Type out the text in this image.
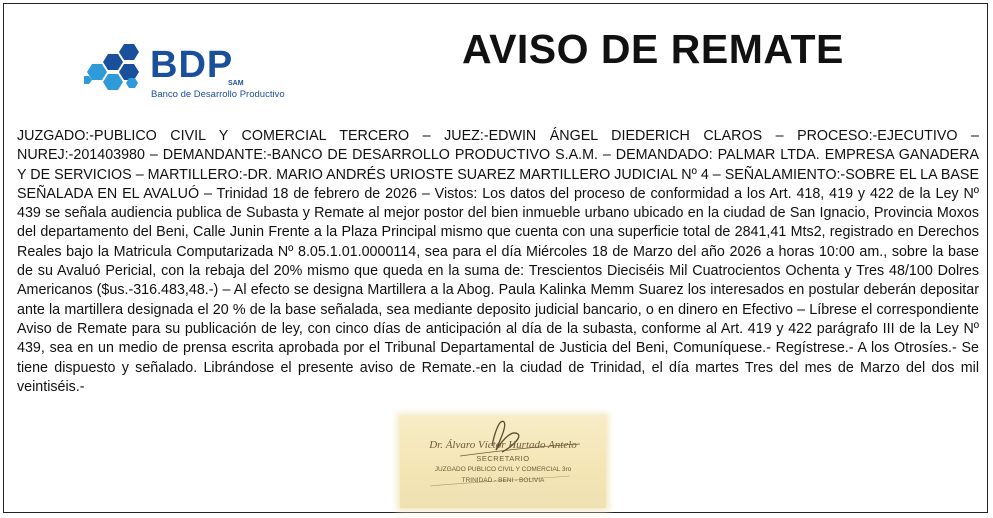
BDP
SAM
Banco de Desarrollo Productivo
AVISO DE REMATE
JUZGADO:-PUBLICO CIVIL Y COMERCIAL TERCERO – JUEZ:-EDWIN ÁNGEL DIEDERICH CLAROS – PROCESO:-EJECUTIVO – NUREJ:-201403980 – DEMANDANTE:-BANCO DE DESARROLLO PRODUCTIVO S.A.M. – DEMANDADO: PALMAR LTDA. EMPRESA GANADERA Y DE SERVICIOS – MARTILLERO:-DR. MARIO ANDRÉS URIOSTE SUAREZ MARTILLERO JUDICIAL Nº 4 – SEÑALAMIENTO:-SOBRE EL LA BASE SEÑALADA EN EL AVALUÓ – Trinidad 18 de febrero de 2026 – Vistos: Los datos del proceso de conformidad a los Art. 418, 419 y 422 de la Ley Nº 439 se señala audiencia publica de Subasta y Remate al mejor postor del bien inmueble urbano ubicado en la ciudad de San Ignacio, Provincia Moxos del departamento del Beni, Calle Junin Frente a la Plaza Principal mismo que cuenta con una superficie total de 2841,41 Mts2, registrado en Derechos Reales bajo la Matricula Computarizada Nº 8.05.1.01.0000114, sea para el día Miércoles 18 de Marzo del año 2026 a horas 10:00 am., sobre la base de su Avaluó Pericial, con la rebaja del 20% mismo que queda en la suma de: Trescientos Dieciséis Mil Cuatrocientos Ochenta y Tres 48/100 Dolres Americanos ($us.-316.483,48.-) – Al efecto se designa Martillera a la Abog. Paula Kalinka Memm Suarez los interesados en postular deberán depositar ante la martillera designada el 20 % de la base señalada, sea mediante deposito judicial bancario, o en dinero en Efectivo – Líbrese el correspondiente Aviso de Remate para su publicación de ley, con cinco días de anticipación al día de la subasta, conforme al Art. 419 y 422 parágrafo III de la Ley Nº 439, sea en un medio de prensa escrita aprobada por el Tribunal Departamental de Justicia del Beni, Comuníquese.- Regístrese.- A los Otrosíes.- Se tiene dispuesto y señalado. Librándose el presente aviso de Remate.-en la ciudad de Trinidad, el día martes Tres del mes de Marzo del dos mil veintiséis.-
Dr. Álvaro Víctor Hurtado Antelo
SECRETARIO
JUZGADO PUBLICO CIVIL Y COMERCIAL 3ro
TRINIDAD - BENI - BOLIVIA
